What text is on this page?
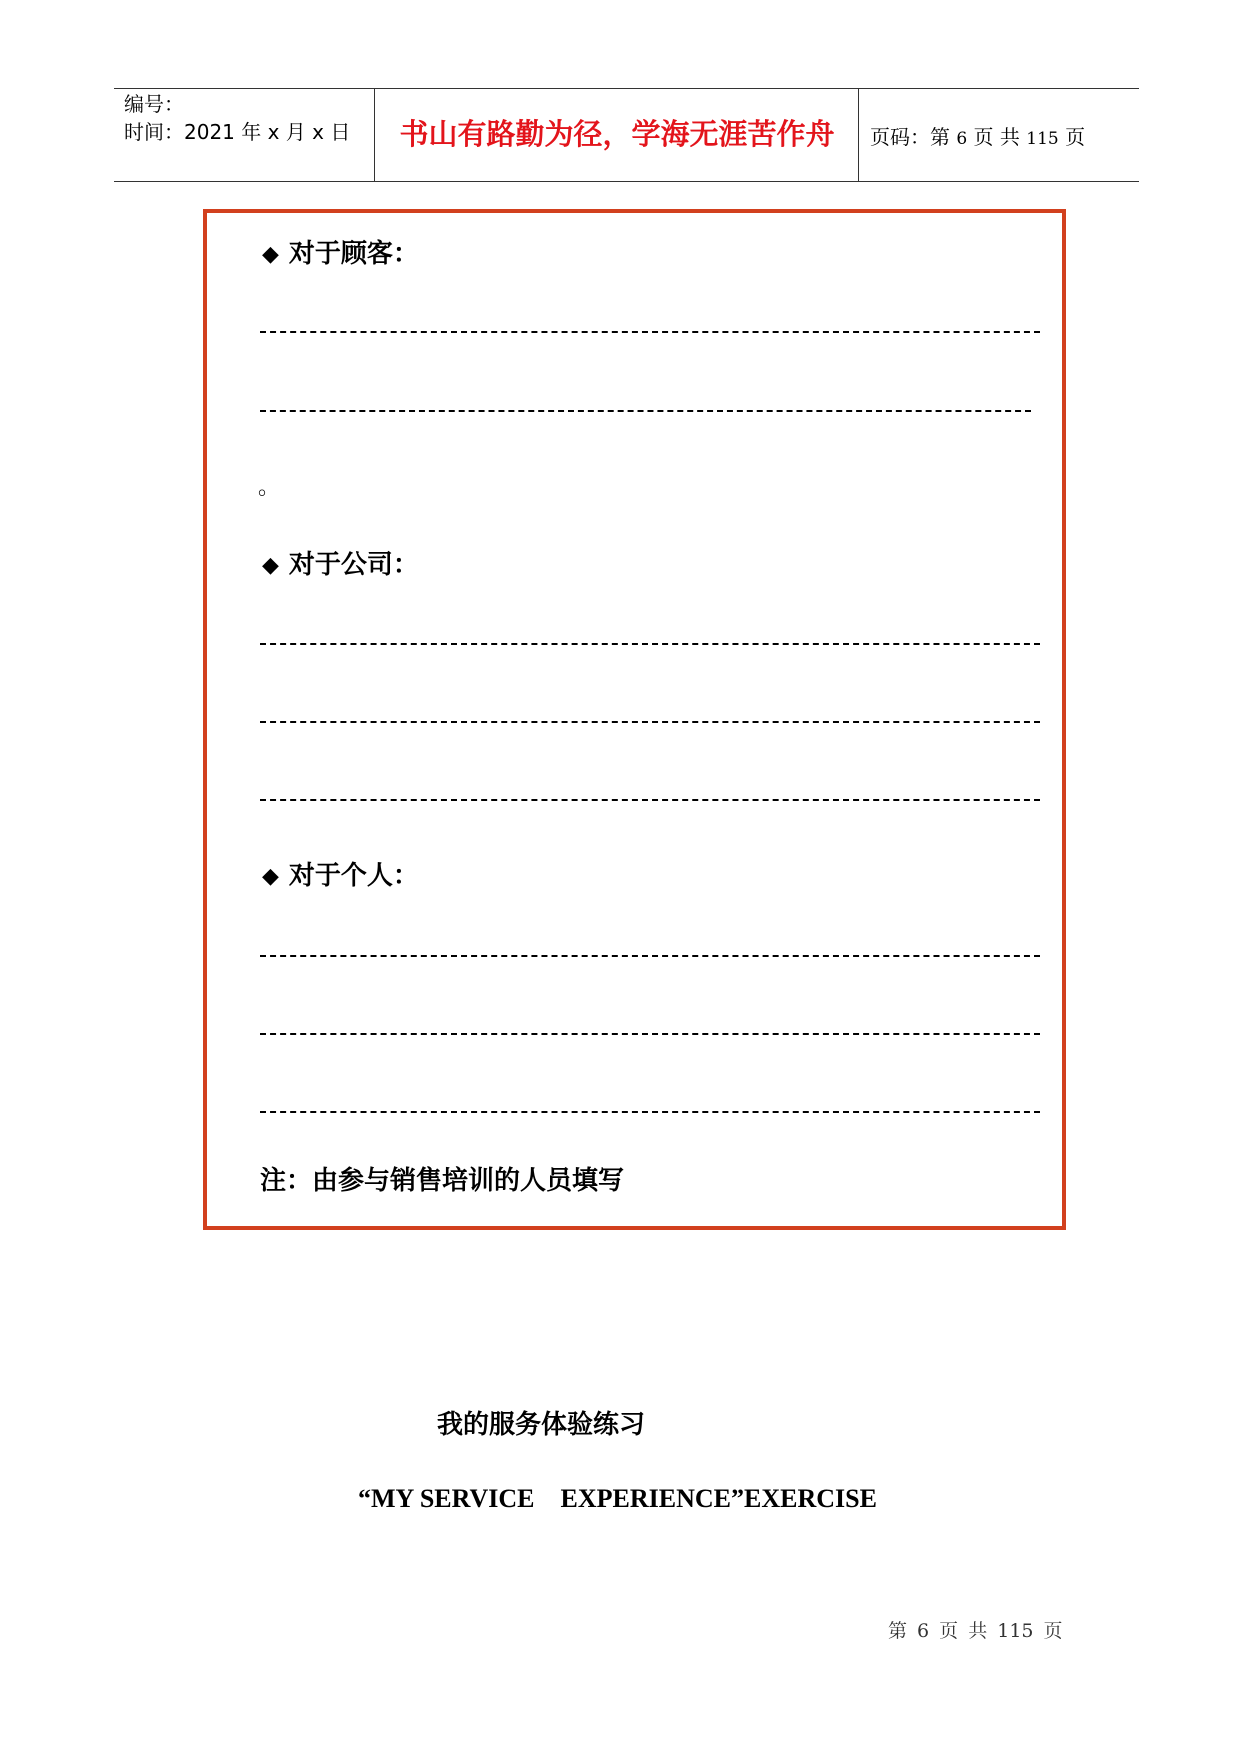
编号：
时间：2021 年 x 月 x 日	书山有路勤为径，学海无涯苦作舟	页码：第 6 页 共 115 页
◆ 对于顾客：
。
◆ 对于公司：
◆ 对于个人：
注：由参与销售培训的人员填写
我的服务体验练习
“MY SERVICE    EXPERIENCE”EXERCISE
第 6 页 共 115 页
